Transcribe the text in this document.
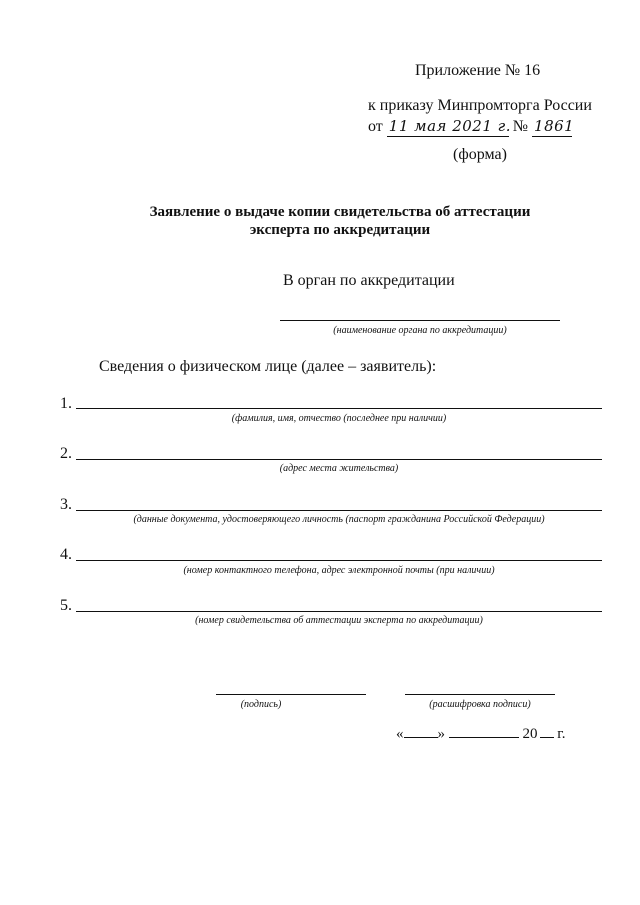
Приложение № 16
к приказу Минпромторга России
от 11 мая 2021 г. № 1861
(форма)
Заявление о выдаче копии свидетельства об аттестации
эксперта по аккредитации
В орган по аккредитации
(наименование органа по аккредитации)
Сведения о физическом лице (далее – заявитель):
1.
(фамилия, имя, отчество (последнее при наличии)
2.
(адрес места жительства)
3.
(данные документа, удостоверяющего личность (паспорт гражданина Российской Федерации)
4.
(номер контактного телефона, адрес электронной почты (при наличии)
5.
(номер свидетельства об аттестации эксперта по аккредитации)
(подпись)	(расшифровка подписи)
« »	20 г.
